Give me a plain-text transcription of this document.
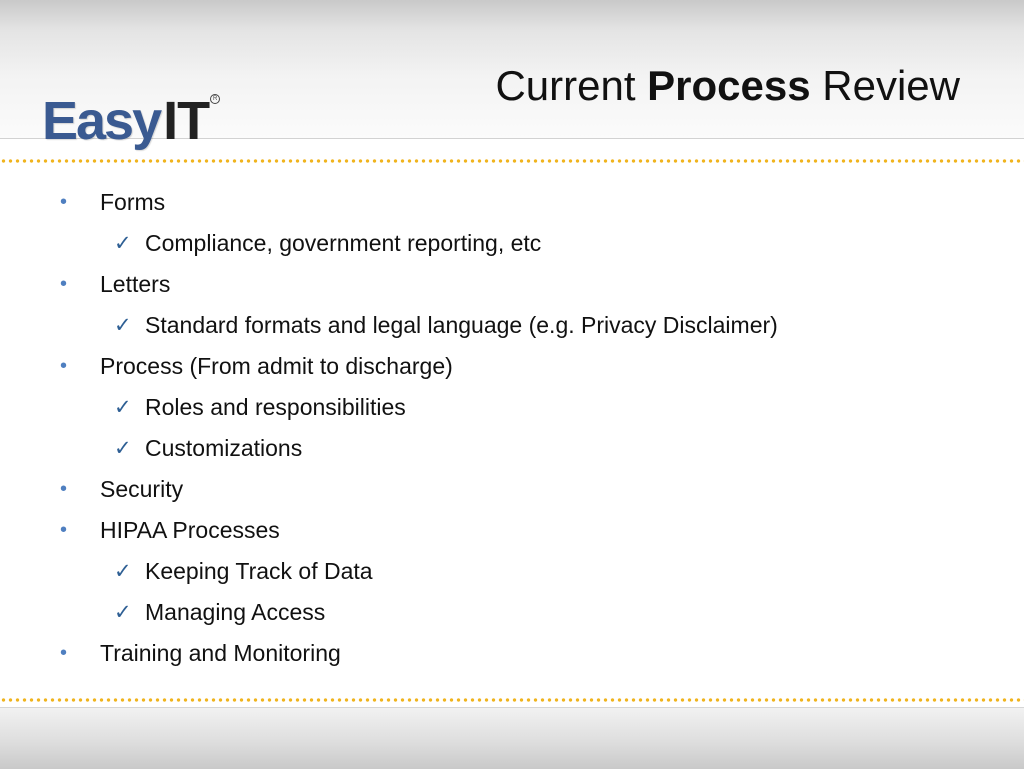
Easy IT R	Current Process Review
• Forms
✓ Compliance, government reporting, etc
• Letters
✓ Standard formats and legal language (e.g. Privacy Disclaimer)
• Process (From admit to discharge)
✓ Roles and responsibilities
✓ Customizations
• Security
• HIPAA Processes
✓ Keeping Track of Data
✓ Managing Access
• Training and Monitoring
